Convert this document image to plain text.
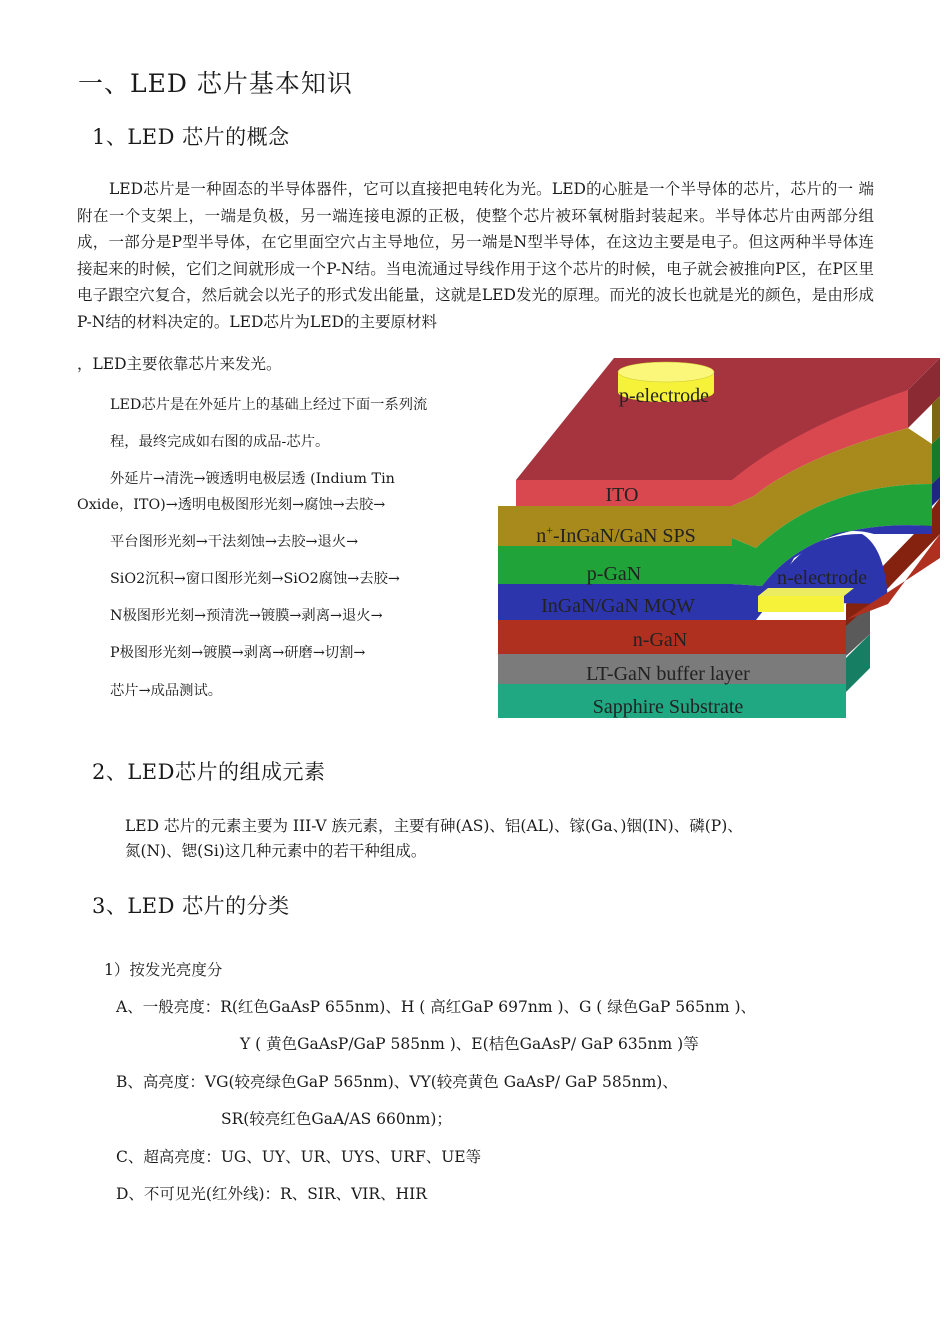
一、LED 芯片基本知识
1、LED 芯片的概念

LED芯片是一种固态的半导体器件，它可以直接把电转化为光。LED的心脏是一个半导体的芯片，芯片的一 端附在一个支架上，一端是负极，另一端连接电源的正极，使整个芯片被环氧树脂封装起来。半导体芯片由两部分组成，一部分是P型半导体，在它里面空穴占主导地位，另一端是N型半导体，在这边主要是电子。但这两种半导体连接起来的时候，它们之间就形成一个P-N结。当电流通过导线作用于这个芯片的时候，电子就会被推向P区，在P区里电子跟空穴复合，然后就会以光子的形式发出能量，这就是LED发光的原理。而光的波长也就是光的颜色，是由形成P-N结的材料决定的。LED芯片为LED的主要原材料

，LED主要依靠芯片来发光。
LED芯片是在外延片上的基础上经过下面一系列流
程，最终完成如右图的成品-芯片。
外延片→清洗→镀透明电极层透 (Indium Tin
Oxide，ITO)→透明电极图形光刻→腐蚀→去胶→
平台图形光刻→干法刻蚀→去胶→退火→
SiO2沉积→窗口图形光刻→SiO2腐蚀→去胶→
N极图形光刻→预清洗→镀膜→剥离→退火→
P极图形光刻→镀膜→剥离→研磨→切割→
芯片→成品测试。
p-electrode
ITO
n+-InGaN/GaN SPS
p-GaN
InGaN/GaN MQW
n-electrode
n-GaN
LT-GaN buffer layer
Sapphire Substrate
2、LED芯片的组成元素
LED 芯片的元素主要为 III-V 族元素，主要有砷(AS)、铝(AL)、镓(Ga、)铟(IN)、磷(P)、
氮(N)、锶(Si)这几种元素中的若干种组成。
3、LED 芯片的分类
1）按发光亮度分
A、一般亮度：R(红色GaAsP 655nm)、H ( 高红GaP 697nm )、G ( 绿色GaP 565nm )、
Y ( 黄色GaAsP/GaP 585nm )、E(桔色GaAsP/ GaP 635nm )等
B、高亮度：VG(较亮绿色GaP 565nm)、VY(较亮黄色 GaAsP/ GaP 585nm)、
SR(较亮红色GaA/AS 660nm)；
C、超高亮度：UG、UY、UR、UYS、URF、UE等
D、不可见光(红外线)：R、SIR、VIR、HIR
